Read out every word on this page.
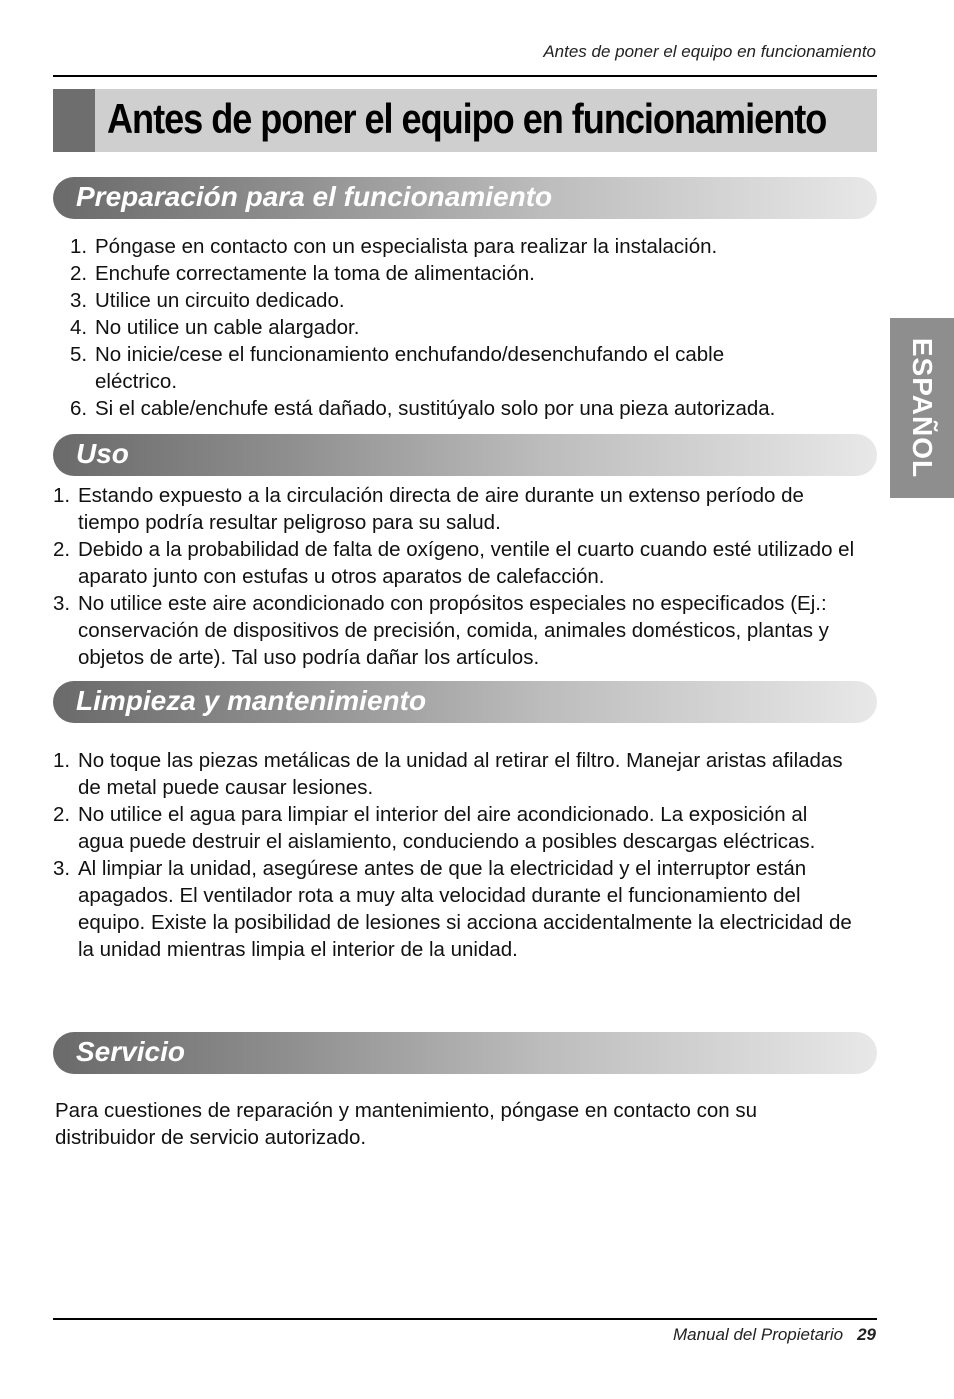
Antes de poner el equipo en funcionamiento
Antes de poner el equipo en funcionamiento
ESPAÑOL
Preparación para el funcionamiento
1. Póngase en contacto con un especialista para realizar la instalación.
2. Enchufe correctamente la toma de alimentación.
3. Utilice un circuito dedicado.
4. No utilice un cable alargador.
5. No inicie/cese el funcionamiento enchufando/desenchufando el cable eléctrico.
6. Si el cable/enchufe está dañado, sustitúyalo solo por una pieza autorizada.
Uso
1. Estando expuesto a la circulación directa de aire durante un extenso período de tiempo podría resultar peligroso para su salud.
2. Debido a la probabilidad de falta de oxígeno, ventile el cuarto cuando esté utilizado el aparato junto con estufas u otros aparatos de calefacción.
3. No utilice este aire acondicionado con propósitos especiales no especificados (Ej.: conservación de dispositivos de precisión, comida, animales domésticos, plantas y objetos de arte). Tal uso podría dañar los artículos.
Limpieza y mantenimiento
1. No toque las piezas metálicas de la unidad al retirar el filtro. Manejar aristas afiladas de metal puede causar lesiones.
2. No utilice el agua para limpiar el interior del aire acondicionado. La exposición al agua puede destruir el aislamiento, conduciendo a posibles descargas eléctricas.
3. Al limpiar la unidad, asegúrese antes de que la electricidad y el interruptor están apagados. El ventilador rota a muy alta velocidad durante el funcionamiento del equipo. Existe la posibilidad de lesiones si acciona accidentalmente la electricidad de la unidad mientras limpia el interior de la unidad.
Servicio

Para cuestiones de reparación y mantenimiento, póngase en contacto con su distribuidor de servicio autorizado.

Manual del Propietario 29
